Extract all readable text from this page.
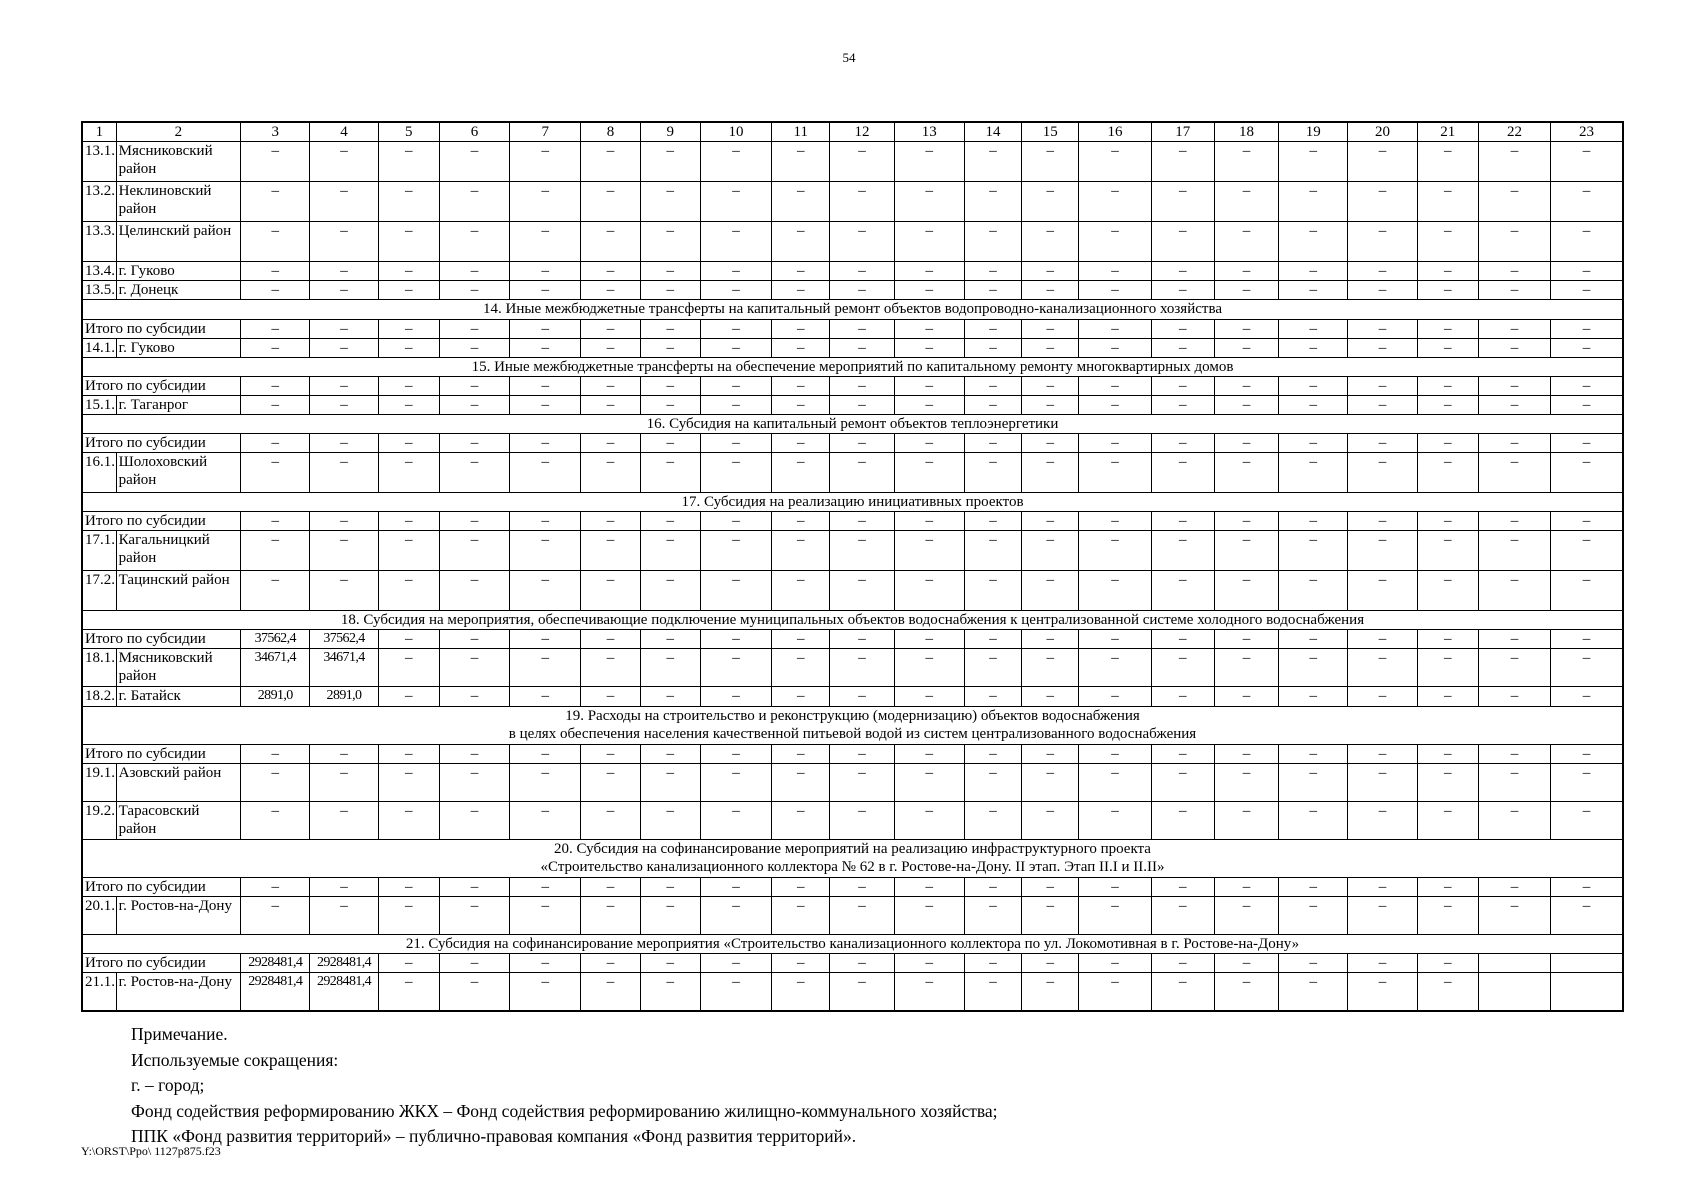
54
1	2	3	4	5	6	7	8	9	10	11	12	13	14	15	16	17	18	19	20	21	22	23
13.1.	Мясниковский район	–	–	–	–	–	–	–	–	–	–	–	–	–	–	–	–	–	–	–	–	–
13.2.	Неклиновский район	–	–	–	–	–	–	–	–	–	–	–	–	–	–	–	–	–	–	–	–	–
13.3.	Целинский район	–	–	–	–	–	–	–	–	–	–	–	–	–	–	–	–	–	–	–	–	–
13.4.	г. Гуково	–	–	–	–	–	–	–	–	–	–	–	–	–	–	–	–	–	–	–	–	–
13.5.	г. Донецк	–	–	–	–	–	–	–	–	–	–	–	–	–	–	–	–	–	–	–	–	–

14. Иные межбюджетные трансферты на капитальный ремонт объектов водопроводно-канализационного хозяйства																						

Итого по субсидии		–	–	–	–	–	–	–	–	–	–	–	–	–	–	–	–	–	–	–	–	–
14.1.	г. Гуково	–	–	–	–	–	–	–	–	–	–	–	–	–	–	–	–	–	–	–	–	–

15. Иные межбюджетные трансферты на обеспечение мероприятий по капитальному ремонту многоквартирных домов																						

Итого по субсидии		–	–	–	–	–	–	–	–	–	–	–	–	–	–	–	–	–	–	–	–	–
15.1.	г. Таганрог	–	–	–	–	–	–	–	–	–	–	–	–	–	–	–	–	–	–	–	–	–

16. Субсидия на капитальный ремонт объектов теплоэнергетики																						

Итого по субсидии		–	–	–	–	–	–	–	–	–	–	–	–	–	–	–	–	–	–	–	–	–
16.1.	Шолоховский район	–	–	–	–	–	–	–	–	–	–	–	–	–	–	–	–	–	–	–	–	–

17. Субсидия на реализацию инициативных проектов																						

Итого по субсидии		–	–	–	–	–	–	–	–	–	–	–	–	–	–	–	–	–	–	–	–	–
17.1.	Кагальницкий район	–	–	–	–	–	–	–	–	–	–	–	–	–	–	–	–	–	–	–	–	–
17.2.	Тацинский район	–	–	–	–	–	–	–	–	–	–	–	–	–	–	–	–	–	–	–	–	–

18. Субсидия на мероприятия, обеспечивающие подключение муниципальных объектов водоснабжения к централизованной системе холодного водоснабжения																						

Итого по субсидии		37562,4	37562,4	–	–	–	–	–	–	–	–	–	–	–	–	–	–	–	–	–	–	–
18.1.	Мясниковский район	34671,4	34671,4	–	–	–	–	–	–	–	–	–	–	–	–	–	–	–	–	–	–	–
18.2.	г. Батайск	2891,0	2891,0	–	–	–	–	–	–	–	–	–	–	–	–	–	–	–	–	–	–	–

19. Расходы на строительство и реконструкцию (модернизацию) объектов водоснабжения
в целях обеспечения населения качественной питьевой водой из систем централизованного водоснабжения																						

Итого по субсидии		–	–	–	–	–	–	–	–	–	–	–	–	–	–	–	–	–	–	–	–	–
19.1.	Азовский район	–	–	–	–	–	–	–	–	–	–	–	–	–	–	–	–	–	–	–	–	–
19.2.	Тарасовский район	–	–	–	–	–	–	–	–	–	–	–	–	–	–	–	–	–	–	–	–	–

20. Субсидия на софинансирование мероприятий на реализацию инфраструктурного проекта
«Строительство канализационного коллектора № 62 в г. Ростове-на-Дону. II этап. Этап II.I и II.II»																						

Итого по субсидии		–	–	–	–	–	–	–	–	–	–	–	–	–	–	–	–	–	–	–	–	–
20.1.	г. Ростов-на-Дону	–	–	–	–	–	–	–	–	–	–	–	–	–	–	–	–	–	–	–	–	–

21. Субсидия на софинансирование мероприятия «Строительство канализационного коллектора по ул. Локомотивная в г. Ростове-на-Дону»																						

Итого по субсидии		2928481,4	2928481,4	–	–	–	–	–	–	–	–	–	–	–	–	–	–	–	–	–		
21.1.	г. Ростов-на-Дону	2928481,4	2928481,4	–	–	–	–	–	–	–	–	–	–	–	–	–	–	–	–	–		
Примечание.
Используемые сокращения:
г. – город;
Фонд содействия реформированию ЖКХ – Фонд содействия реформированию жилищно-коммунального хозяйства;
ППК «Фонд развития территорий» – публично-правовая компания «Фонд развития территорий».
Y:\ORST\Ppo\ 1127p875.f23
